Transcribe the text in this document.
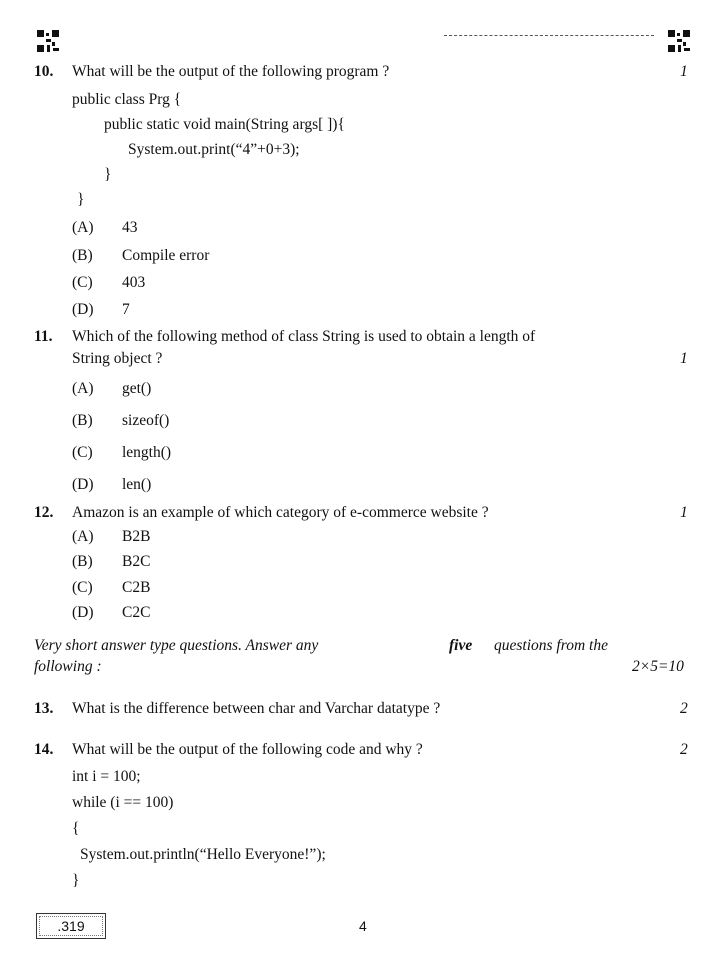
10. What will be the output of the following program ?	1
public class Prg {
public static void main(String args[ ]){
System.out.print(“4”+0+3);
}
}
(A) 43
(B) Compile error
(C) 403
(D) 7
11. Which of the following method of class String is used to obtain a length of
String object ?	1
(A) get()
(B) sizeof()
(C) length()
(D) len()
12. Amazon is an example of which category of e-commerce website ?	1
(A) B2B
(B) B2C
(C) C2B
(D) C2C
Very short answer type questions. Answer any	five questions from the
following :	2×5=10
13. What is the difference between char and Varchar datatype ?	2
14. What will be the output of the following code and why ?	2
int i = 100;
while (i == 100)
{
System.out.println(“Hello Everyone!”);
}
.319	4
